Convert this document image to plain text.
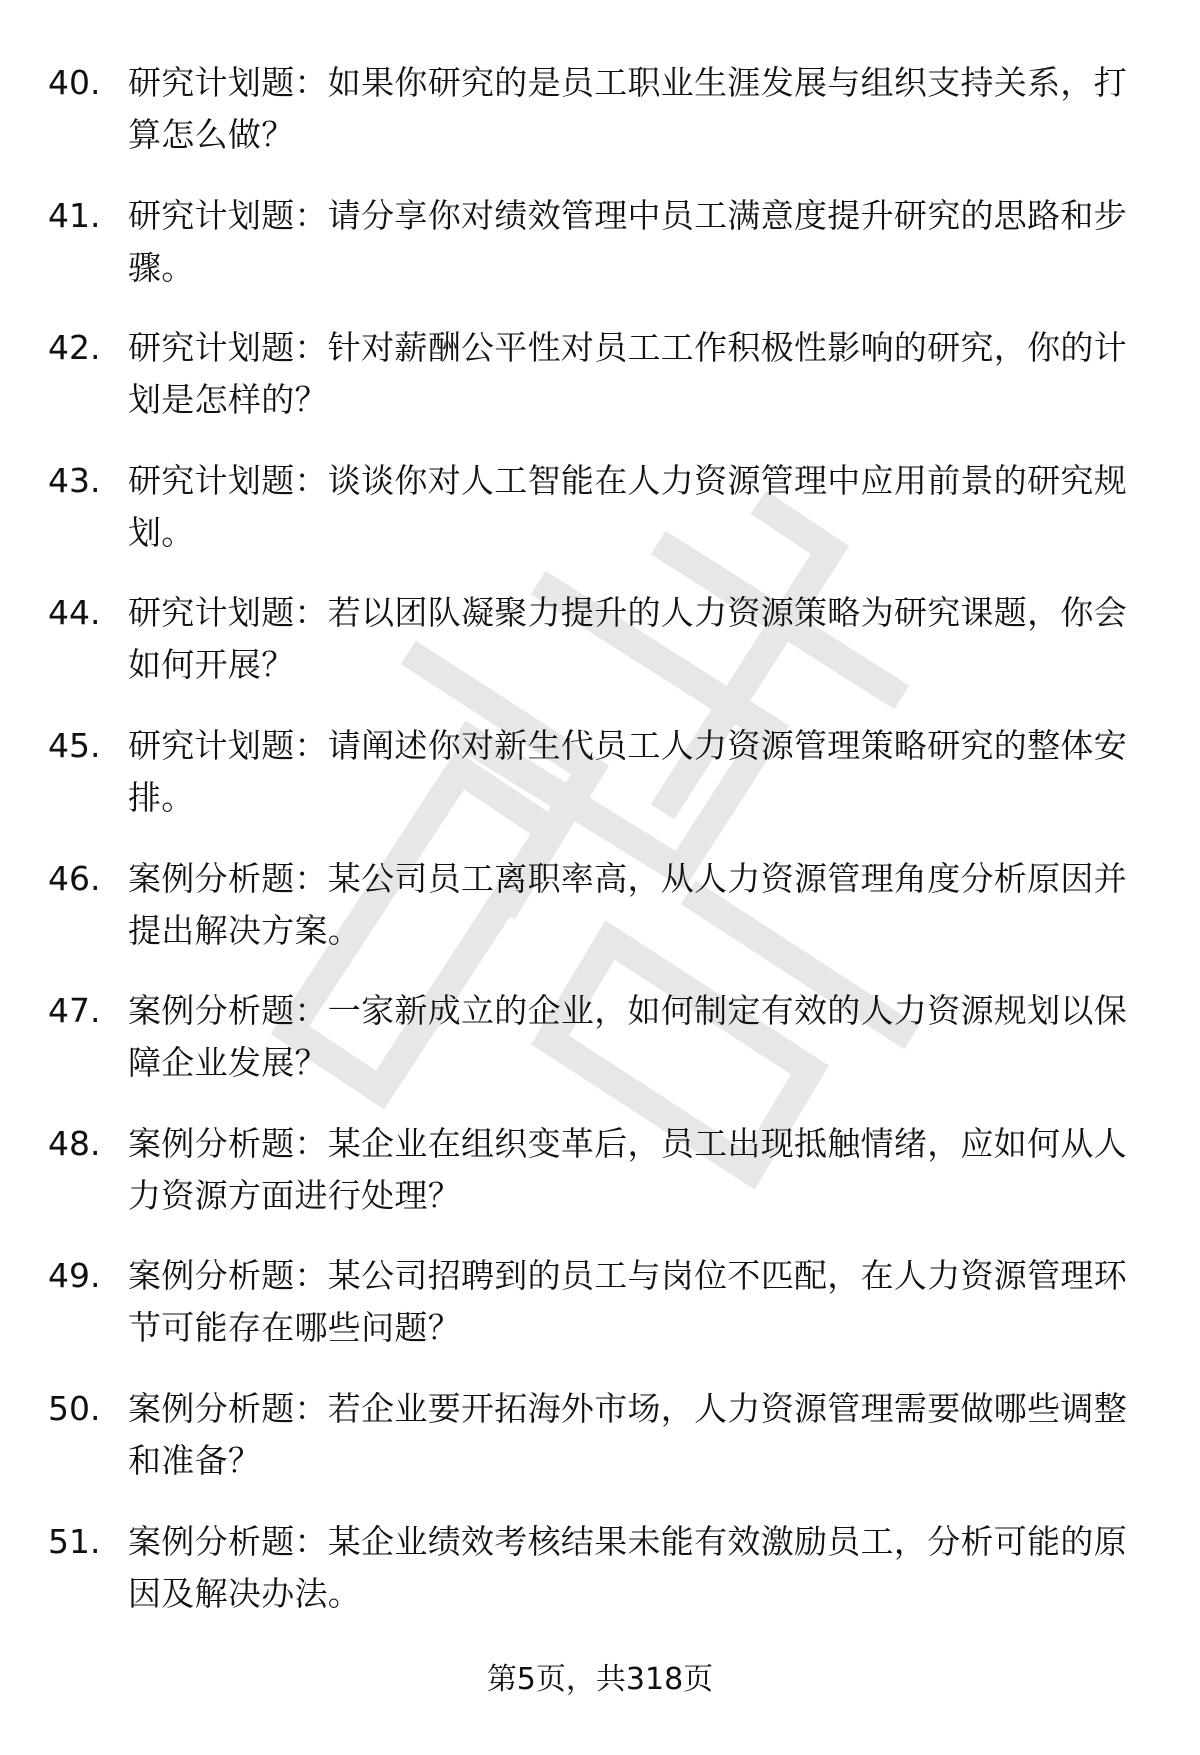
40. 研究计划题：如果你研究的是员工职业生涯发展与组织支持关系，打算怎么做？
41. 研究计划题：请分享你对绩效管理中员工满意度提升研究的思路和步骤。
42. 研究计划题：针对薪酬公平性对员工工作积极性影响的研究，你的计划是怎样的？
43. 研究计划题：谈谈你对人工智能在人力资源管理中应用前景的研究规划。
44. 研究计划题：若以团队凝聚力提升的人力资源策略为研究课题，你会如何开展？
45. 研究计划题：请阐述你对新生代员工人力资源管理策略研究的整体安排。
46. 案例分析题：某公司员工离职率高，从人力资源管理角度分析原因并提出解决方案。
47. 案例分析题：一家新成立的企业，如何制定有效的人力资源规划以保障企业发展？
48. 案例分析题：某企业在组织变革后，员工出现抵触情绪，应如何从人力资源方面进行处理？
49. 案例分析题：某公司招聘到的员工与岗位不匹配，在人力资源管理环节可能存在哪些问题？
50. 案例分析题：若企业要开拓海外市场，人力资源管理需要做哪些调整和准备？
51. 案例分析题：某企业绩效考核结果未能有效激励员工，分析可能的原因及解决办法。
第5页，共318页
